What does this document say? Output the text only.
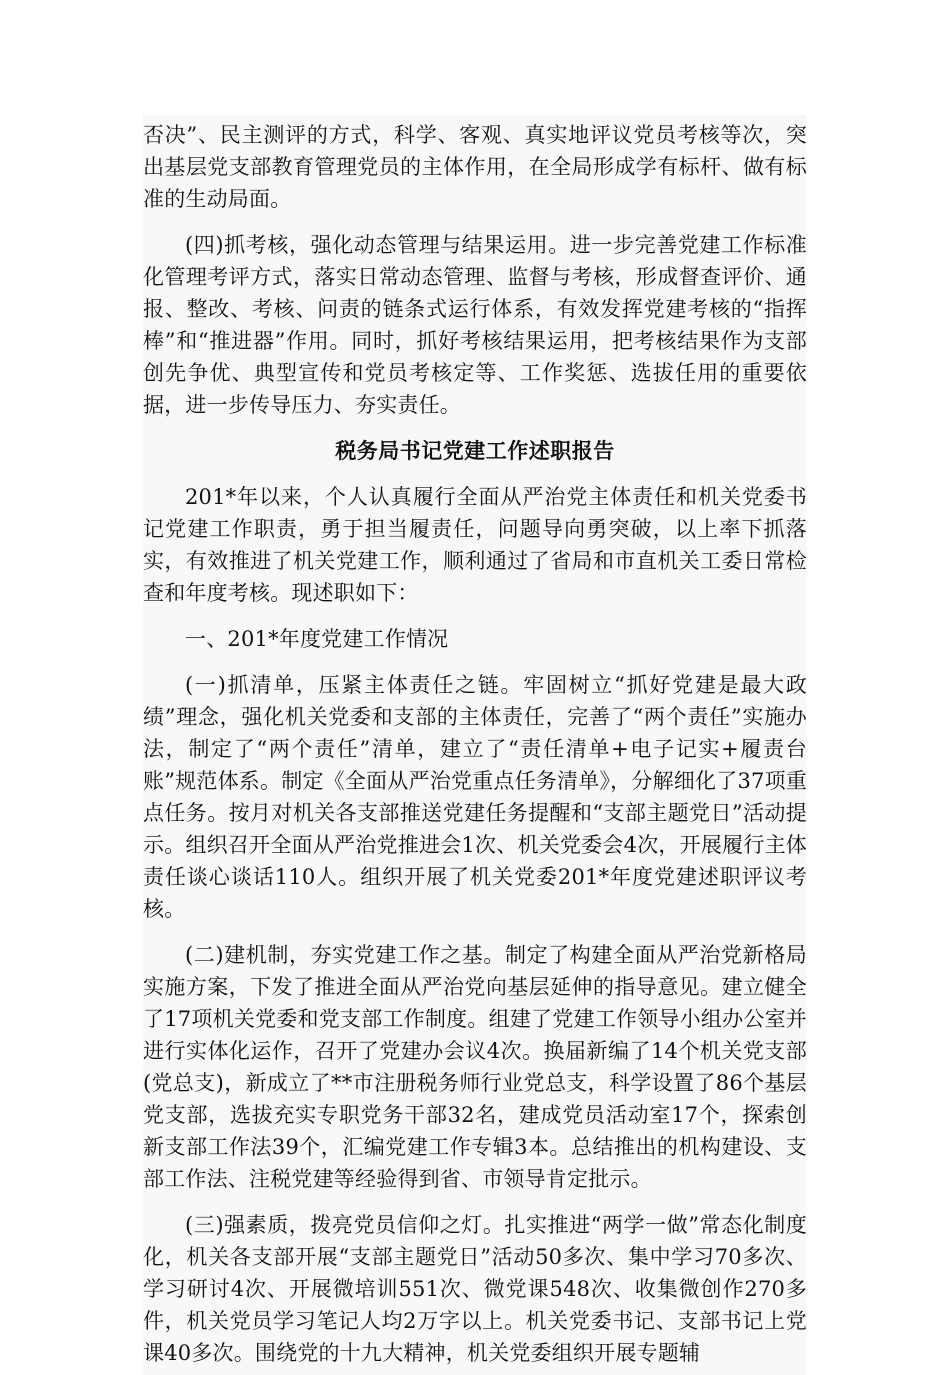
否决”、民主测评的方式，科学、客观、真实地评议党员考核等次，突出基层党支部教育管理党员的主体作用，在全局形成学有标杆、做有标准的生动局面。

(四)抓考核，强化动态管理与结果运用。进一步完善党建工作标准化管理考评方式，落实日常动态管理、监督与考核，形成督查评价、通报、整改、考核、问责的链条式运行体系，有效发挥党建考核的“指挥棒”和“推进器”作用。同时，抓好考核结果运用，把考核结果作为支部创先争优、典型宣传和党员考核定等、工作奖惩、选拔任用的重要依据，进一步传导压力、夯实责任。

税务局书记党建工作述职报告

201*年以来，个人认真履行全面从严治党主体责任和机关党委书记党建工作职责，勇于担当履责任，问题导向勇突破，以上率下抓落实，有效推进了机关党建工作，顺利通过了省局和市直机关工委日常检查和年度考核。现述职如下：

一、201*年度党建工作情况

(一)抓清单，压紧主体责任之链。牢固树立“抓好党建是最大政绩”理念，强化机关党委和支部的主体责任，完善了“两个责任”实施办法，制定了“两个责任”清单，建立了“责任清单+电子记实+履责台账”规范体系。制定《全面从严治党重点任务清单》，分解细化了37项重点任务。按月对机关各支部推送党建任务提醒和“支部主题党日”活动提示。组织召开全面从严治党推进会1次、机关党委会4次，开展履行主体责任谈心谈话110人。组织开展了机关党委201*年度党建述职评议考核。

(二)建机制，夯实党建工作之基。制定了构建全面从严治党新格局实施方案，下发了推进全面从严治党向基层延伸的指导意见。建立健全了17项机关党委和党支部工作制度。组建了党建工作领导小组办公室并进行实体化运作，召开了党建办会议4次。换届新编了14个机关党支部(党总支)，新成立了**市注册税务师行业党总支，科学设置了86个基层党支部，选拔充实专职党务干部32名，建成党员活动室17个，探索创新支部工作法39个，汇编党建工作专辑3本。总结推出的机构建设、支部工作法、注税党建等经验得到省、市领导肯定批示。

(三)强素质，拨亮党员信仰之灯。扎实推进“两学一做”常态化制度化，机关各支部开展“支部主题党日”活动50多次、集中学习70多次、学习研讨4次、开展微培训551次、微党课548次、收集微创作270多件，机关党员学习笔记人均2万字以上。机关党委书记、支部书记上党课40多次。围绕党的十九大精神，机关党委组织开展专题辅
